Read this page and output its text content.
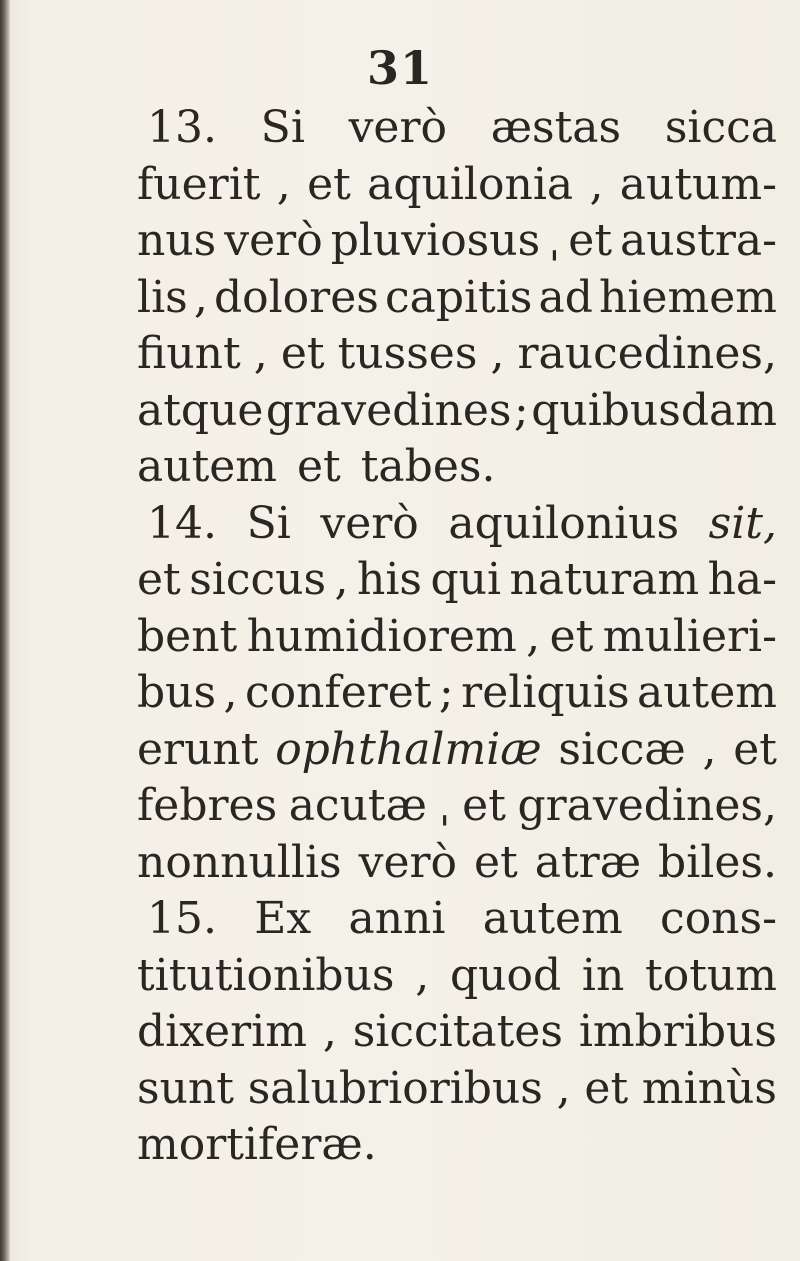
31
13. Si verò æstas sicca
fuerit , et aquilonia , autum-
nus verò pluviosus ˌ et austra-
lis , dolores capitis ad hiemem
fiunt , et tusses , raucedines,
atque gravedines ; quibusdam
autem et tabes.
14. Si verò aquilonius sit,
et siccus , his qui naturam ha-
bent humidiorem , et mulieri-
bus , conferet ; reliquis autem
erunt ophthalmiæ siccæ , et
febres acutæ ˌ et gravedines,
nonnullis verò et atræ biles.
15. Ex anni autem cons-
titutionibus , quod in totum
dixerim , siccitates imbribus
sunt salubrioribus , et minùs
mortiferæ.
